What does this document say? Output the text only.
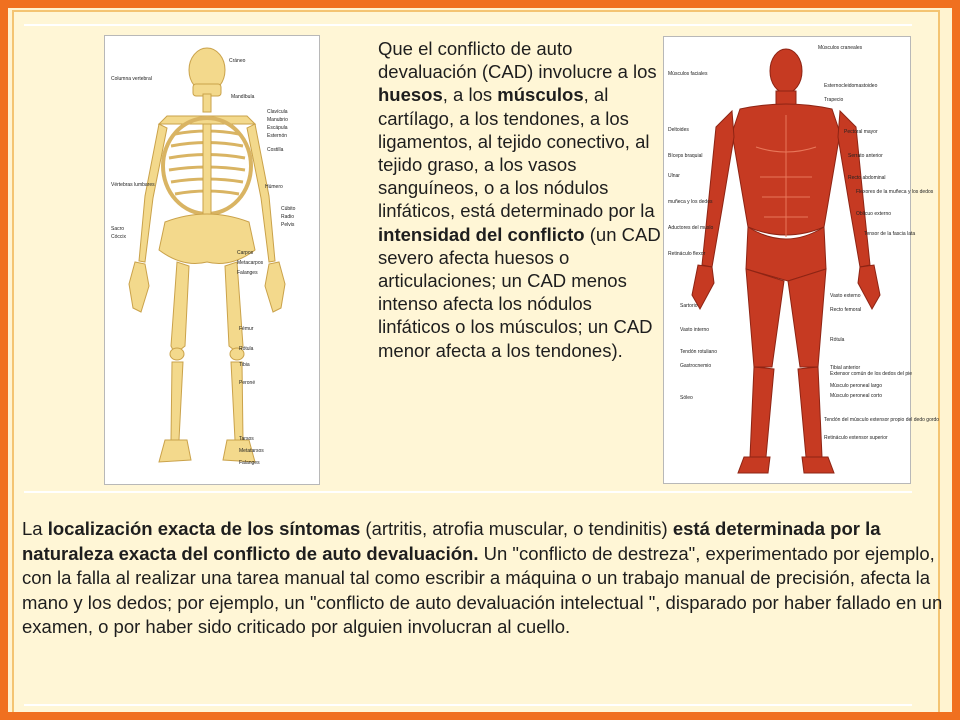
Cráneo
Columna vertebral
Mandíbula
Clavícula
Manubrio
Escápula
Esternón
Costilla
Vértebras lumbares	Húmero
Cúbito
Radio
Pelvis
Sacro
Cóccix
Carpos
Metacarpos
Falanges
Fémur
Rótula
Tibia
Peroné
Tarsos
Metatarsos
Falanges
Que el conflicto de auto devaluación (CAD) involucre a los huesos, a los músculos, al cartílago, a los tendones, a los ligamentos, al tejido conectivo, al tejido graso, a los vasos sanguíneos, o a los nódulos linfáticos, está determinado por la intensidad del conflicto (un CAD severo afecta huesos o articulaciones; un CAD menos intenso afecta los nódulos linfáticos o los músculos; un CAD menor afecta a los tendones).
Músculos faciales
Deltoides
Bíceps braquial
Ulnar
muñeca y los dedos
Aductores del muslo
Retináculo flexor
Sartorio
Vasto interno
Tendón rotuliano
Gastrocnemio
Sóleo
Músculos craneales
Esternocleidomastoideo
Trapecio
Pectoral mayor
Serrato anterior
Recto abdominal
Flexores de la muñeca y los dedos
Oblicuo externo
Tensor de la fascia lata
Vasto externo
Recto femoral
Rótula
Tibial anterior
Extensor común de los dedos del pie
Músculo peroneal largo
Músculo peroneal corto
Tendón del músculo extensor propio del dedo gordo
Retináculo extensor superior
La localización exacta de los síntomas (artritis, atrofia muscular, o tendinitis) está determinada por la naturaleza exacta del conflicto de auto devaluación. Un "conflicto de destreza", experimentado por ejemplo, con la falla al realizar una tarea manual tal como escribir a máquina o un trabajo manual de precisión, afecta la mano y los dedos; por ejemplo, un "conflicto de auto devaluación intelectual ", disparado por haber fallado en un examen, o por haber sido criticado por alguien involucran al cuello.
